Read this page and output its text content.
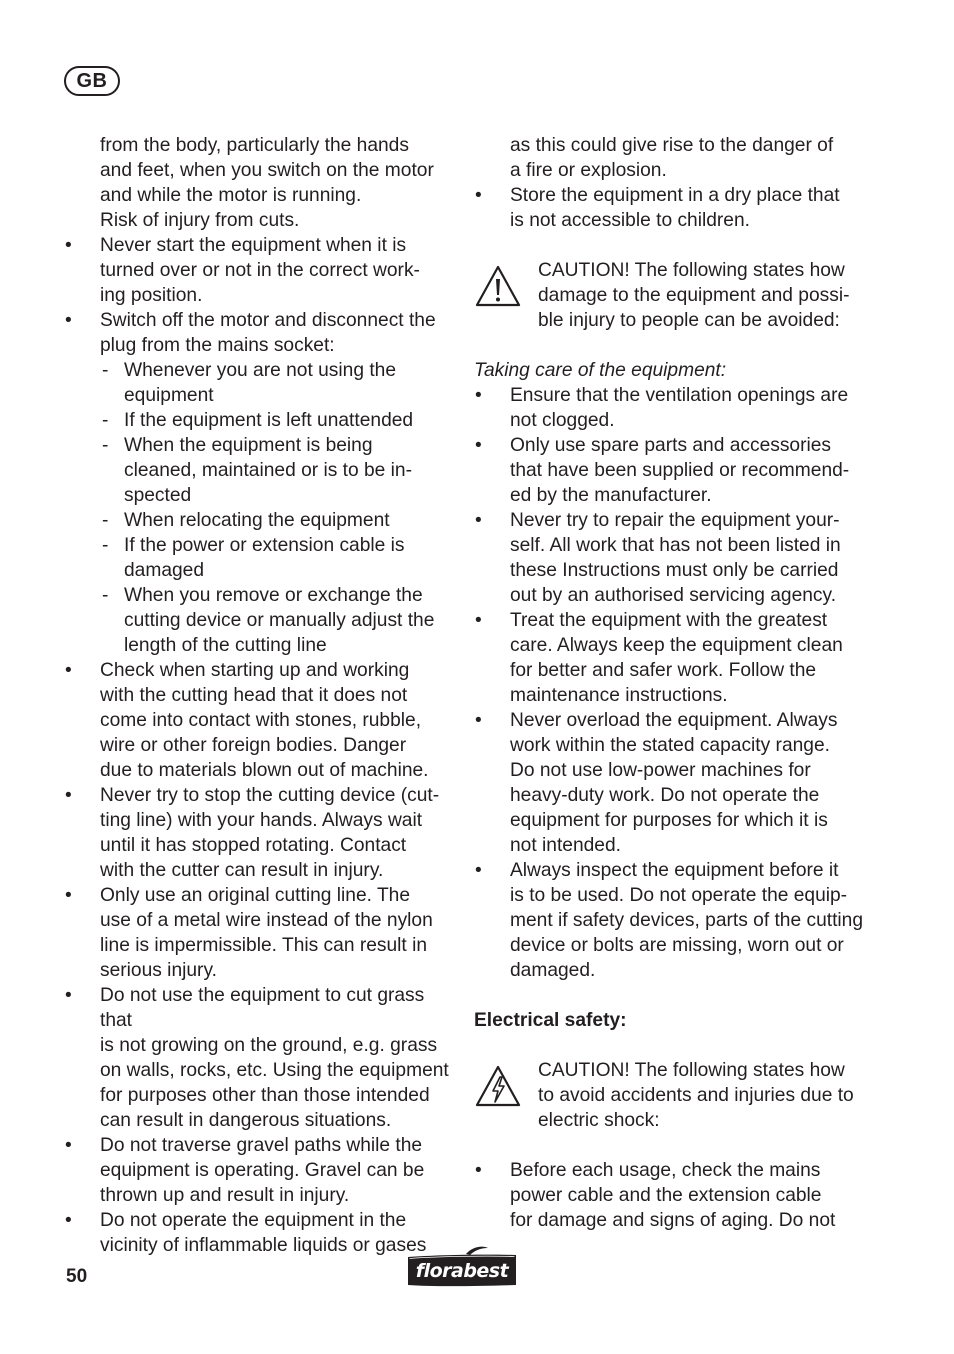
GB
from the body, particularly the hands
and feet, when you switch on the motor
and while the motor is running.
Risk of injury from cuts.
• Never start the equipment when it is
turned over or not in the correct work-
ing position.
• Switch off the motor and disconnect the
plug from the mains socket:
- Whenever you are not using the
equipment
- If the equipment is left unattended
- When the equipment is being
cleaned, maintained or is to be in-
spected
- When relocating the equipment
- If the power or extension cable is
damaged
- When you remove or exchange the
cutting device or manually adjust the
length of the cutting line
• Check when starting up and working
with the cutting head that it does not
come into contact with stones, rubble,
wire or other foreign bodies. Danger
due to materials blown out of machine.
• Never try to stop the cutting device (cut-
ting line) with your hands. Always wait
until it has stopped rotating. Contact
with the cutter can result in injury.
• Only use an original cutting line. The
use of a metal wire instead of the nylon
line is impermissible. This can result in
serious injury.
• Do not use the equipment to cut grass that
is not growing on the ground, e.g. grass
on walls, rocks, etc. Using the equipment
for purposes other than those intended
can result in dangerous situations.
• Do not traverse gravel paths while the
equipment is operating. Gravel can be
thrown up and result in injury.
• Do not operate the equipment in the
vicinity of inflammable liquids or gases
as this could give rise to the danger of
a fire or explosion.
• Store the equipment in a dry place that
is not accessible to children.
CAUTION! The following states how
damage to the equipment and possi-
ble injury to people can be avoided:
Taking care of the equipment:
• Ensure that the ventilation openings are
not clogged.
• Only use spare parts and accessories
that have been supplied or recommend-
ed by the manufacturer.
• Never try to repair the equipment your-
self. All work that has not been listed in
these Instructions must only be carried
out by an authorised servicing agency.
• Treat the equipment with the greatest
care. Always keep the equipment clean
for better and safer work. Follow the
maintenance instructions.
• Never overload the equipment. Always
work within the stated capacity range.
Do not use low-power machines for
heavy-duty work. Do not operate the
equipment for purposes for which it is
not intended.
• Always inspect the equipment before it
is to be used. Do not operate the equip-
ment if safety devices, parts of the cutting
device or bolts are missing, worn out or
damaged.
Electrical safety:
CAUTION! The following states how
to avoid accidents and injuries due to
electric shock:
• Before each usage, check the mains
power cable and the extension cable
for damage and signs of aging. Do not
50	florabest
